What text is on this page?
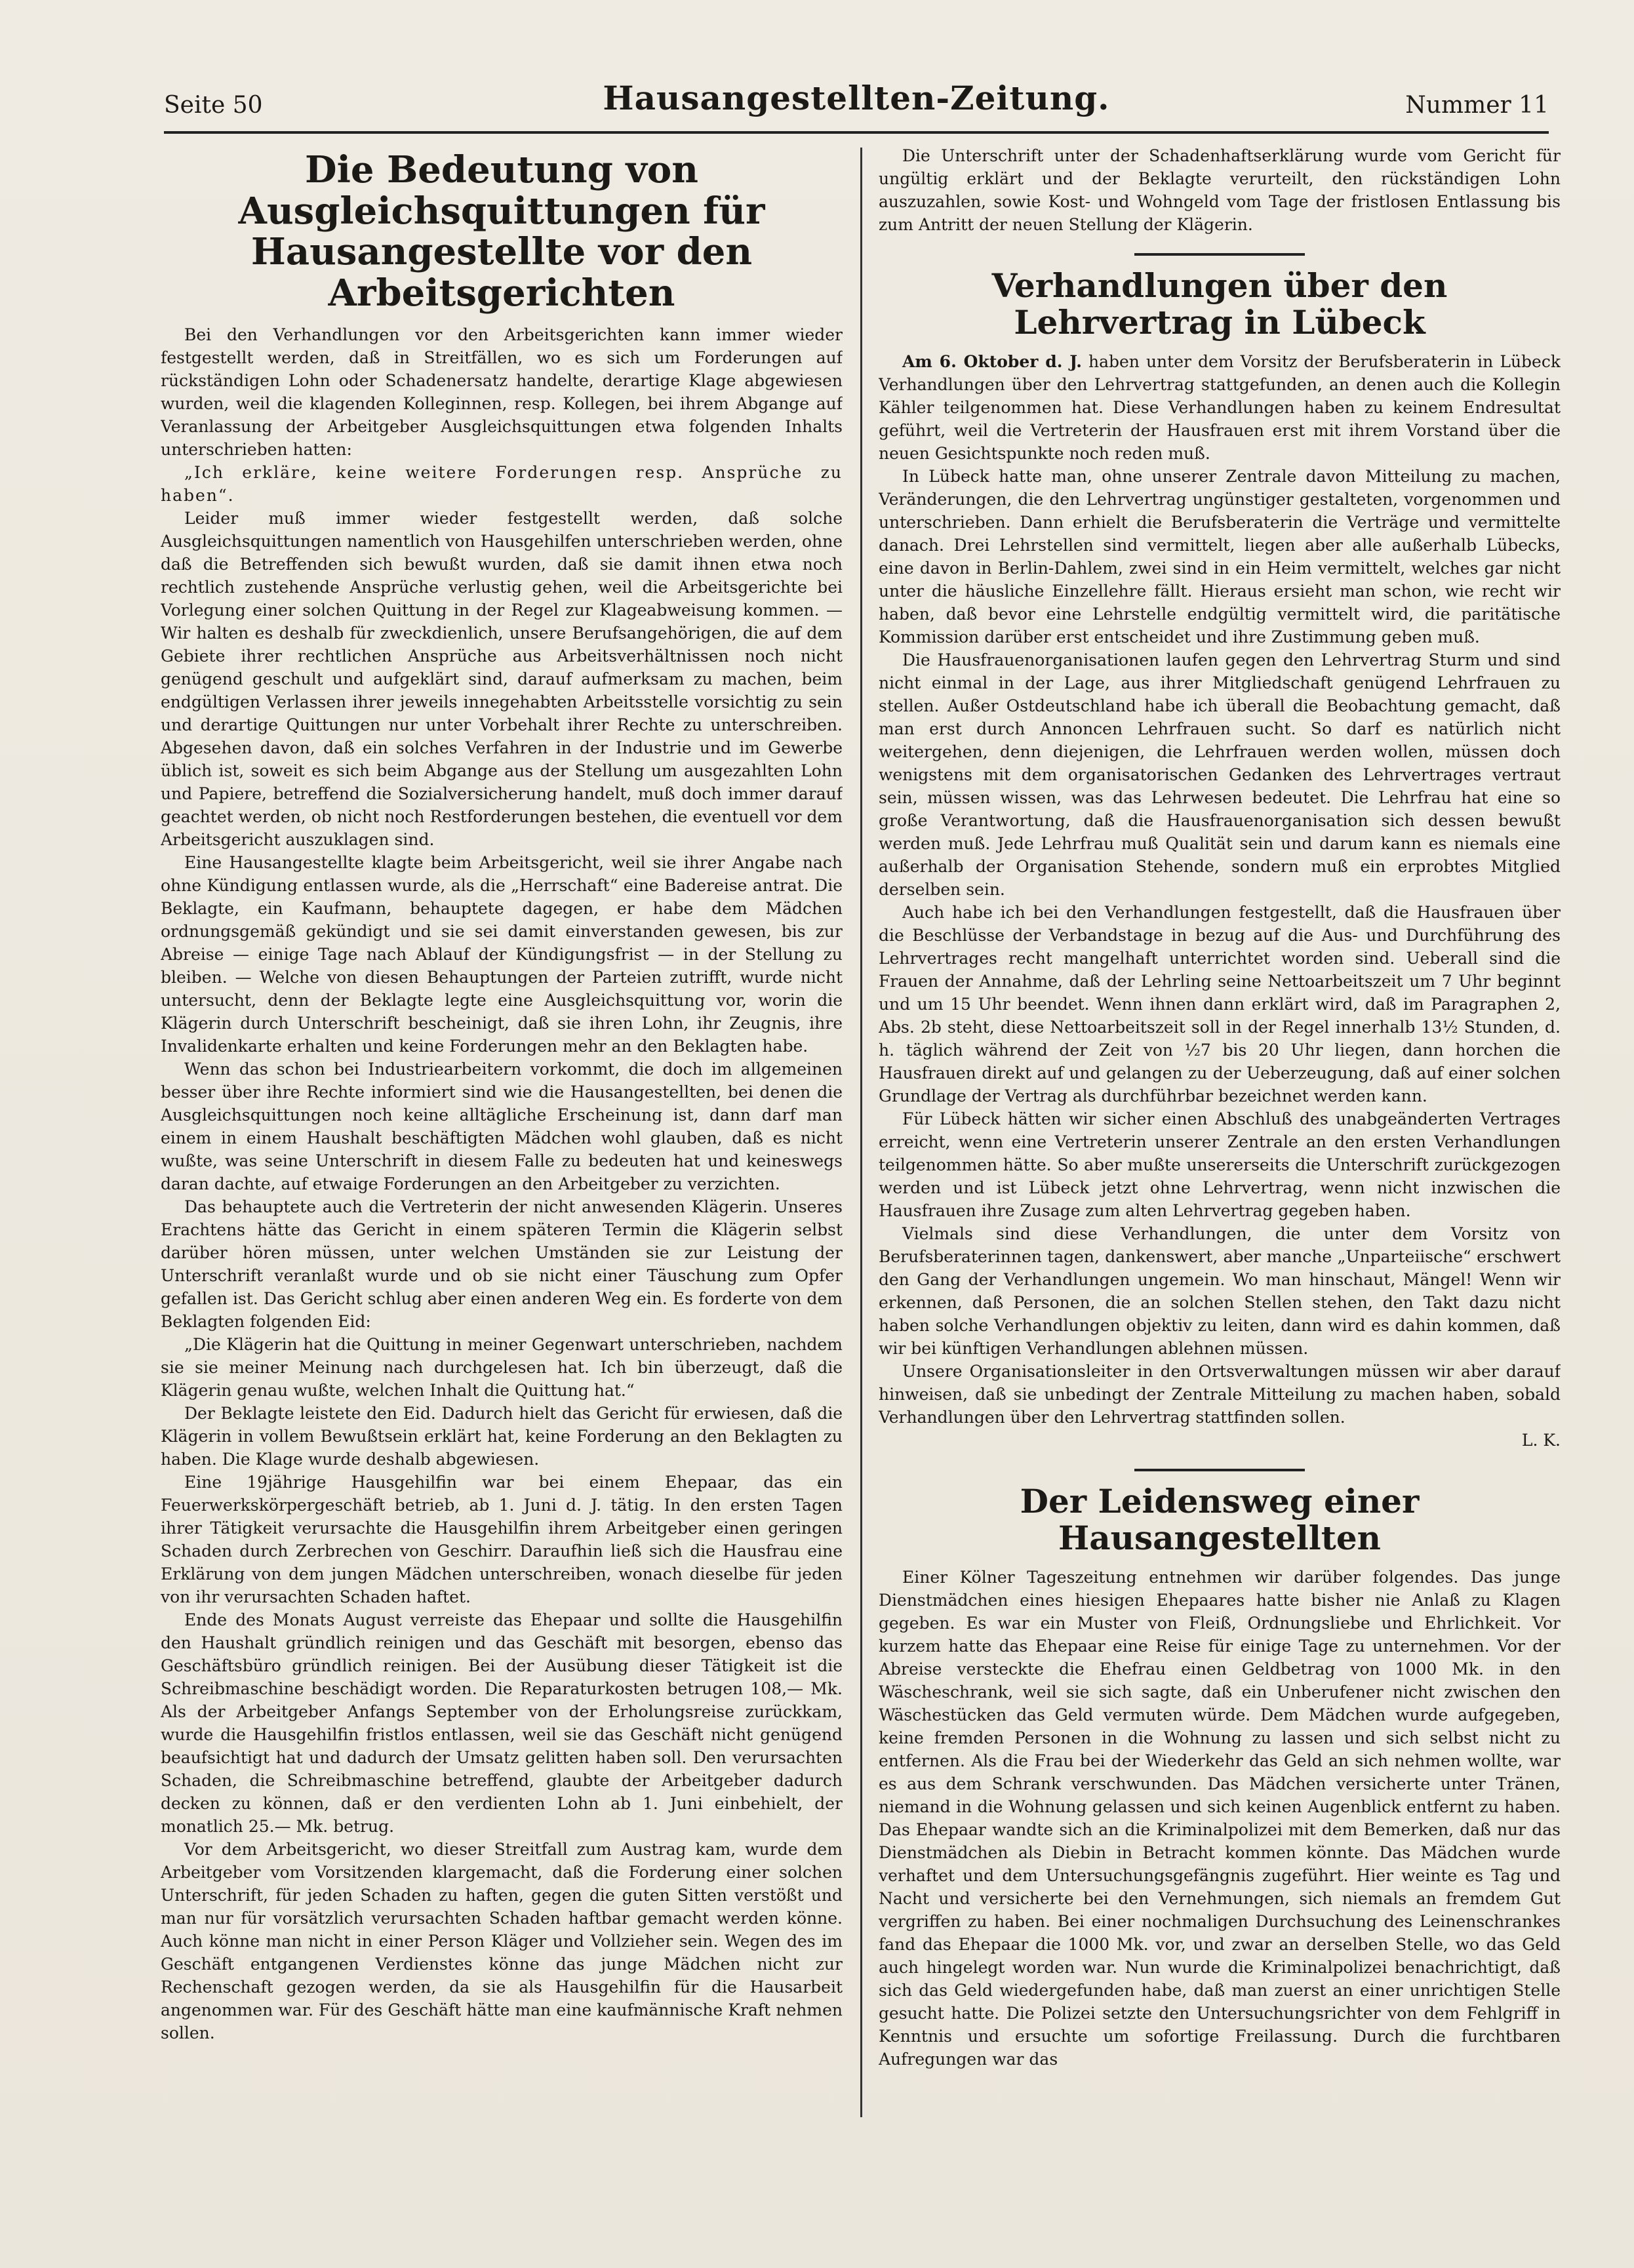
Seite 50	Hausangestellten-Zeitung.	Nummer 11
Die Bedeutung von Ausgleichsquittungen für Hausangestellte vor den Arbeitsgerichten

Bei den Verhandlungen vor den Arbeitsgerichten kann immer wieder festgestellt werden, daß in Streitfällen, wo es sich um Forderungen auf rückständigen Lohn oder Schadenersatz handelte, derartige Klage abgewiesen wurden, weil die klagenden Kolleginnen, resp. Kollegen, bei ihrem Abgange auf Veranlassung der Arbeitgeber Ausgleichsquittungen etwa folgenden Inhalts unterschrieben hatten:

„Ich erkläre, keine weitere Forderungen resp. Ansprüche zu haben“.

Leider muß immer wieder festgestellt werden, daß solche Ausgleichsquittungen namentlich von Hausgehilfen unterschrieben werden, ohne daß die Betreffenden sich bewußt wurden, daß sie damit ihnen etwa noch rechtlich zustehende Ansprüche verlustig gehen, weil die Arbeitsgerichte bei Vorlegung einer solchen Quittung in der Regel zur Klageabweisung kommen. — Wir halten es deshalb für zweckdienlich, unsere Berufsangehörigen, die auf dem Gebiete ihrer rechtlichen Ansprüche aus Arbeitsverhältnissen noch nicht genügend geschult und aufgeklärt sind, darauf aufmerksam zu machen, beim endgültigen Verlassen ihrer jeweils innegehabten Arbeitsstelle vorsichtig zu sein und derartige Quittungen nur unter Vorbehalt ihrer Rechte zu unterschreiben. Abgesehen davon, daß ein solches Verfahren in der Industrie und im Gewerbe üblich ist, soweit es sich beim Abgange aus der Stellung um ausgezahlten Lohn und Papiere, betreffend die Sozialversicherung handelt, muß doch immer darauf geachtet werden, ob nicht noch Restforderungen bestehen, die eventuell vor dem Arbeitsgericht auszuklagen sind.

Eine Hausangestellte klagte beim Arbeitsgericht, weil sie ihrer Angabe nach ohne Kündigung entlassen wurde, als die „Herrschaft“ eine Badereise antrat. Die Beklagte, ein Kaufmann, behauptete dagegen, er habe dem Mädchen ordnungsgemäß gekündigt und sie sei damit einverstanden gewesen, bis zur Abreise — einige Tage nach Ablauf der Kündigungsfrist — in der Stellung zu bleiben. — Welche von diesen Behauptungen der Parteien zutrifft, wurde nicht untersucht, denn der Beklagte legte eine Ausgleichsquittung vor, worin die Klägerin durch Unterschrift bescheinigt, daß sie ihren Lohn, ihr Zeugnis, ihre Invalidenkarte erhalten und keine Forderungen mehr an den Beklagten habe.

Wenn das schon bei Industriearbeitern vorkommt, die doch im allgemeinen besser über ihre Rechte informiert sind wie die Hausangestellten, bei denen die Ausgleichsquittungen noch keine alltägliche Erscheinung ist, dann darf man einem in einem Haushalt beschäftigten Mädchen wohl glauben, daß es nicht wußte, was seine Unterschrift in diesem Falle zu bedeuten hat und keineswegs daran dachte, auf etwaige Forderungen an den Arbeitgeber zu verzichten.

Das behauptete auch die Vertreterin der nicht anwesenden Klägerin. Unseres Erachtens hätte das Gericht in einem späteren Termin die Klägerin selbst darüber hören müssen, unter welchen Umständen sie zur Leistung der Unterschrift veranlaßt wurde und ob sie nicht einer Täuschung zum Opfer gefallen ist. Das Gericht schlug aber einen anderen Weg ein. Es forderte von dem Beklagten folgenden Eid:

„Die Klägerin hat die Quittung in meiner Gegenwart unterschrieben, nachdem sie sie meiner Meinung nach durchgelesen hat. Ich bin überzeugt, daß die Klägerin genau wußte, welchen Inhalt die Quittung hat.“

Der Beklagte leistete den Eid. Dadurch hielt das Gericht für erwiesen, daß die Klägerin in vollem Bewußtsein erklärt hat, keine Forderung an den Beklagten zu haben. Die Klage wurde deshalb abgewiesen.

Eine 19jährige Hausgehilfin war bei einem Ehepaar, das ein Feuerwerkskörpergeschäft betrieb, ab 1. Juni d. J. tätig. In den ersten Tagen ihrer Tätigkeit verursachte die Hausgehilfin ihrem Arbeitgeber einen geringen Schaden durch Zerbrechen von Geschirr. Daraufhin ließ sich die Hausfrau eine Erklärung von dem jungen Mädchen unterschreiben, wonach dieselbe für jeden von ihr verursachten Schaden haftet.

Ende des Monats August verreiste das Ehepaar und sollte die Hausgehilfin den Haushalt gründlich reinigen und das Geschäft mit besorgen, ebenso das Geschäftsbüro gründlich reinigen. Bei der Ausübung dieser Tätigkeit ist die Schreibmaschine beschädigt worden. Die Reparaturkosten betrugen 108,— Mk. Als der Arbeitgeber Anfangs September von der Erholungsreise zurückkam, wurde die Hausgehilfin fristlos entlassen, weil sie das Geschäft nicht genügend beaufsichtigt hat und dadurch der Umsatz gelitten haben soll. Den verursachten Schaden, die Schreibmaschine betreffend, glaubte der Arbeitgeber dadurch decken zu können, daß er den verdienten Lohn ab 1. Juni einbehielt, der monatlich 25.— Mk. betrug.

Vor dem Arbeitsgericht, wo dieser Streitfall zum Austrag kam, wurde dem Arbeitgeber vom Vorsitzenden klargemacht, daß die Forderung einer solchen Unterschrift, für jeden Schaden zu haften, gegen die guten Sitten verstößt und man nur für vorsätzlich verursachten Schaden haftbar gemacht werden könne. Auch könne man nicht in einer Person Kläger und Vollzieher sein. Wegen des im Geschäft entgangenen Verdienstes könne das junge Mädchen nicht zur Rechenschaft gezogen werden, da sie als Hausgehilfin für die Hausarbeit angenommen war. Für des Geschäft hätte man eine kaufmännische Kraft nehmen sollen.

Die Unterschrift unter der Schadenhaftserklärung wurde vom Gericht für ungültig erklärt und der Beklagte verurteilt, den rückständigen Lohn auszuzahlen, sowie Kost- und Wohngeld vom Tage der fristlosen Entlassung bis zum Antritt der neuen Stellung der Klägerin.

Verhandlungen über den Lehrvertrag in Lübeck

Am 6. Oktober d. J. haben unter dem Vorsitz der Berufsberaterin in Lübeck Verhandlungen über den Lehrvertrag stattgefunden, an denen auch die Kollegin Kähler teilgenommen hat. Diese Verhandlungen haben zu keinem Endresultat geführt, weil die Vertreterin der Hausfrauen erst mit ihrem Vorstand über die neuen Gesichtspunkte noch reden muß.

In Lübeck hatte man, ohne unserer Zentrale davon Mitteilung zu machen, Veränderungen, die den Lehrvertrag ungünstiger gestalteten, vorgenommen und unterschrieben. Dann erhielt die Berufsberaterin die Verträge und vermittelte danach. Drei Lehrstellen sind vermittelt, liegen aber alle außerhalb Lübecks, eine davon in Berlin-Dahlem, zwei sind in ein Heim vermittelt, welches gar nicht unter die häusliche Einzellehre fällt. Hieraus ersieht man schon, wie recht wir haben, daß bevor eine Lehrstelle endgültig vermittelt wird, die paritätische Kommission darüber erst entscheidet und ihre Zustimmung geben muß.

Die Hausfrauenorganisationen laufen gegen den Lehrvertrag Sturm und sind nicht einmal in der Lage, aus ihrer Mitgliedschaft genügend Lehrfrauen zu stellen. Außer Ostdeutschland habe ich überall die Beobachtung gemacht, daß man erst durch Annoncen Lehrfrauen sucht. So darf es natürlich nicht weitergehen, denn diejenigen, die Lehrfrauen werden wollen, müssen doch wenigstens mit dem organisatorischen Gedanken des Lehrvertrages vertraut sein, müssen wissen, was das Lehrwesen bedeutet. Die Lehrfrau hat eine so große Verantwortung, daß die Hausfrauenorganisation sich dessen bewußt werden muß. Jede Lehrfrau muß Qualität sein und darum kann es niemals eine außerhalb der Organisation Stehende, sondern muß ein erprobtes Mitglied derselben sein.

Auch habe ich bei den Verhandlungen festgestellt, daß die Hausfrauen über die Beschlüsse der Verbandstage in bezug auf die Aus- und Durchführung des Lehrvertrages recht mangelhaft unterrichtet worden sind. Ueberall sind die Frauen der Annahme, daß der Lehrling seine Nettoarbeitszeit um 7 Uhr beginnt und um 15 Uhr beendet. Wenn ihnen dann erklärt wird, daß im Paragraphen 2, Abs. 2b steht, diese Nettoarbeitszeit soll in der Regel innerhalb 13½ Stunden, d. h. täglich während der Zeit von ½7 bis 20 Uhr liegen, dann horchen die Hausfrauen direkt auf und gelangen zu der Ueberzeugung, daß auf einer solchen Grundlage der Vertrag als durchführbar bezeichnet werden kann.

Für Lübeck hätten wir sicher einen Abschluß des unabgeänderten Vertrages erreicht, wenn eine Vertreterin unserer Zentrale an den ersten Verhandlungen teilgenommen hätte. So aber mußte unsererseits die Unterschrift zurückgezogen werden und ist Lübeck jetzt ohne Lehrvertrag, wenn nicht inzwischen die Hausfrauen ihre Zusage zum alten Lehrvertrag gegeben haben.

Vielmals sind diese Verhandlungen, die unter dem Vorsitz von Berufsberaterinnen tagen, dankenswert, aber manche „Unparteiische“ erschwert den Gang der Verhandlungen ungemein. Wo man hinschaut, Mängel! Wenn wir erkennen, daß Personen, die an solchen Stellen stehen, den Takt dazu nicht haben solche Verhandlungen objektiv zu leiten, dann wird es dahin kommen, daß wir bei künftigen Verhandlungen ablehnen müssen.

Unsere Organisationsleiter in den Ortsverwaltungen müssen wir aber darauf hinweisen, daß sie unbedingt der Zentrale Mitteilung zu machen haben, sobald Verhandlungen über den Lehrvertrag stattfinden sollen.

L. K.
Der Leidensweg einer Hausangestellten

Einer Kölner Tageszeitung entnehmen wir darüber folgendes. Das junge Dienstmädchen eines hiesigen Ehepaares hatte bisher nie Anlaß zu Klagen gegeben. Es war ein Muster von Fleiß, Ordnungsliebe und Ehrlichkeit. Vor kurzem hatte das Ehepaar eine Reise für einige Tage zu unternehmen. Vor der Abreise versteckte die Ehefrau einen Geldbetrag von 1000 Mk. in den Wäscheschrank, weil sie sich sagte, daß ein Unberufener nicht zwischen den Wäschestücken das Geld vermuten würde. Dem Mädchen wurde aufgegeben, keine fremden Personen in die Wohnung zu lassen und sich selbst nicht zu entfernen. Als die Frau bei der Wiederkehr das Geld an sich nehmen wollte, war es aus dem Schrank verschwunden. Das Mädchen versicherte unter Tränen, niemand in die Wohnung gelassen und sich keinen Augenblick entfernt zu haben. Das Ehepaar wandte sich an die Kriminalpolizei mit dem Bemerken, daß nur das Dienstmädchen als Diebin in Betracht kommen könnte. Das Mädchen wurde verhaftet und dem Untersuchungsgefängnis zugeführt. Hier weinte es Tag und Nacht und versicherte bei den Vernehmungen, sich niemals an fremdem Gut vergriffen zu haben. Bei einer nochmaligen Durchsuchung des Leinenschrankes fand das Ehepaar die 1000 Mk. vor, und zwar an derselben Stelle, wo das Geld auch hingelegt worden war. Nun wurde die Kriminalpolizei benachrichtigt, daß sich das Geld wiedergefunden habe, daß man zuerst an einer unrichtigen Stelle gesucht hatte. Die Polizei setzte den Untersuchungsrichter von dem Fehlgriff in Kenntnis und ersuchte um sofortige Freilassung. Durch die furchtbaren Aufregungen war das
